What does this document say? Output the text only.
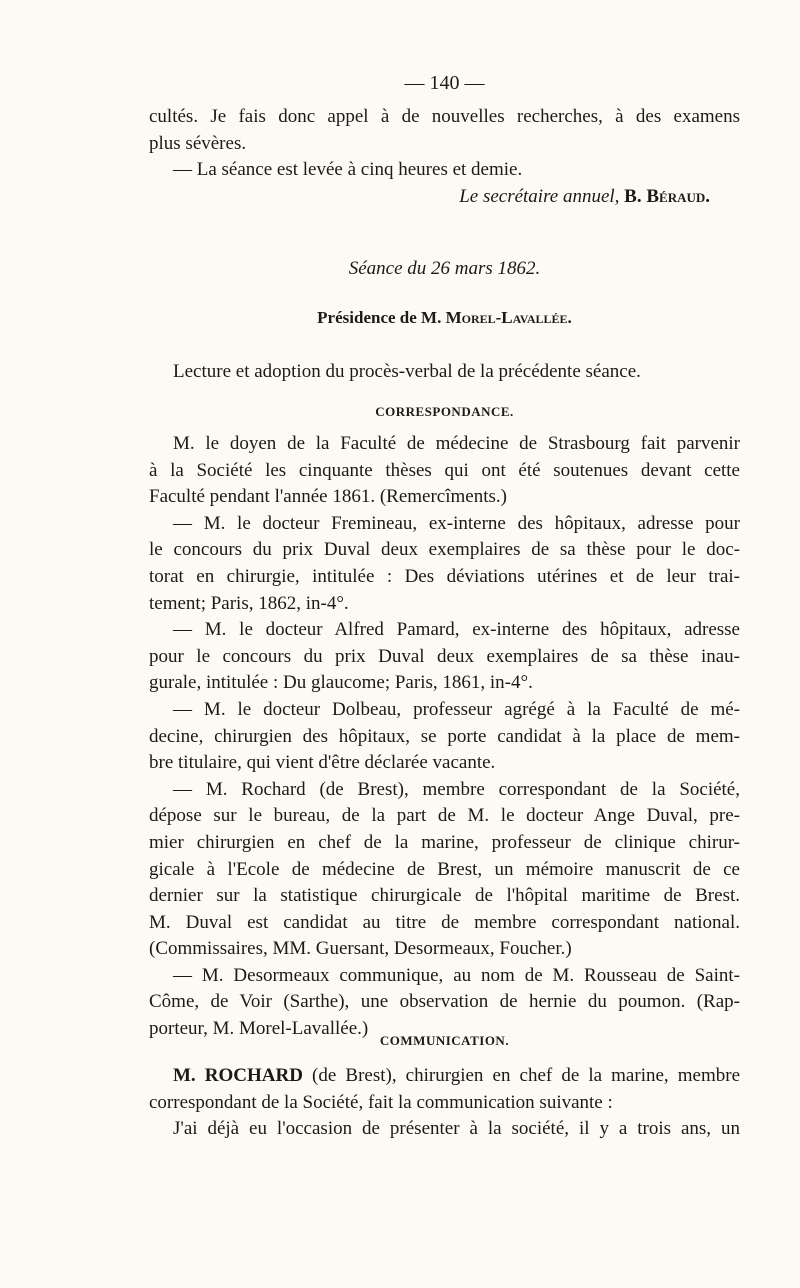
— 140 —
cultés. Je fais donc appel à de nouvelles recherches, à des examens
plus sévères.
— La séance est levée à cinq heures et demie.
Le secrétaire annuel, B. Béraud.
Séance du 26 mars 1862.
Présidence de M. Morel-Lavallée.
Lecture et adoption du procès-verbal de la précédente séance.
CORRESPONDANCE.
M. le doyen de la Faculté de médecine de Strasbourg fait parvenir
à la Société les cinquante thèses qui ont été soutenues devant cette
Faculté pendant l'année 1861. (Remercîments.)
— M. le docteur Fremineau, ex-interne des hôpitaux, adresse pour
le concours du prix Duval deux exemplaires de sa thèse pour le doc-
torat en chirurgie, intitulée : Des déviations utérines et de leur trai-
tement; Paris, 1862, in-4°.
— M. le docteur Alfred Pamard, ex-interne des hôpitaux, adresse
pour le concours du prix Duval deux exemplaires de sa thèse inau-
gurale, intitulée : Du glaucome; Paris, 1861, in-4°.
— M. le docteur Dolbeau, professeur agrégé à la Faculté de mé-
decine, chirurgien des hôpitaux, se porte candidat à la place de mem-
bre titulaire, qui vient d'être déclarée vacante.
— M. Rochard (de Brest), membre correspondant de la Société,
dépose sur le bureau, de la part de M. le docteur Ange Duval, pre-
mier chirurgien en chef de la marine, professeur de clinique chirur-
gicale à l'Ecole de médecine de Brest, un mémoire manuscrit de ce
dernier sur la statistique chirurgicale de l'hôpital maritime de Brest.
M. Duval est candidat au titre de membre correspondant national.
(Commissaires, MM. Guersant, Desormeaux, Foucher.)
— M. Desormeaux communique, au nom de M. Rousseau de Saint-
Côme, de Voir (Sarthe), une observation de hernie du poumon. (Rap-
porteur, M. Morel-Lavallée.)
COMMUNICATION.
M. ROCHARD (de Brest), chirurgien en chef de la marine, membre
correspondant de la Société, fait la communication suivante :
J'ai déjà eu l'occasion de présenter à la société, il y a trois ans, un
